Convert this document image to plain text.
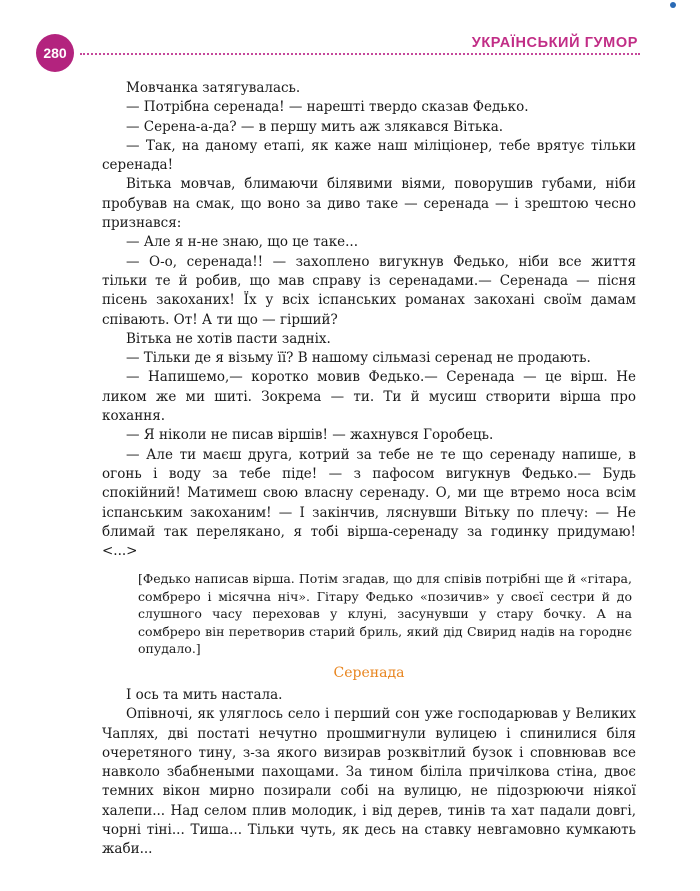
280
УКРАЇНСЬКИЙ ГУМОР

Мовчанка затягувалась.

— Потрібна серенада! — нарешті твердо сказав Федько.

— Серена-а-да? — в першу мить аж злякався Вітька.

— Так, на даному етапі, як каже наш міліціонер, тебе врятує тільки серенада!

Вітька мовчав, блимаючи білявими віями, поворушив губами, ніби пробував на смак, що воно за диво таке — серенада — і зрештою чесно признався:

— Але я н-не знаю, що це таке...

— О-о, серенада!! — захоплено вигукнув Федько, ніби все життя тільки те й робив, що мав справу із серенадами.— Серенада — пісня пісень закоханих! Їх у всіх іспанських романах закохані своїм дамам співають. От! А ти що — гірший?

Вітька не хотів пасти задніх.

— Тільки де я візьму її? В нашому сільмазі серенад не продають.

— Напишемо,— коротко мовив Федько.— Серенада — це вірш. Не ликом же ми шиті. Зокрема — ти. Ти й мусиш створити вірша про кохання.

— Я ніколи не писав віршів! — жахнувся Горобець.

— Але ти маєш друга, котрий за тебе не те що серенаду напише, в огонь і воду за тебе піде! — з пафосом вигукнув Федько.— Будь спокійний! Матимеш свою власну серенаду. О, ми ще втремо носа всім іспанським закоханим! — І закінчив, ляснувши Вітьку по плечу: — Не блимай так перелякано, я тобі вірша-серенаду за годинку придумаю! <...>

[Федько написав вірша. Потім згадав, що для співів потрібні ще й «гітара, сомбреро і місячна ніч». Гітару Федько «позичив» у своєї сестри й до слушного часу переховав у клуні, засунувши у стару бочку. А на сомбреро він перетворив старий бриль, який дід Свирид надів на городнє опудало.]
Серенада

І ось та мить настала.

Опівночі, як уляглось село і перший сон уже господарював у Великих Чаплях, дві постаті нечутно прошмигнули вулицею і спинилися біля очеретяного тину, з-за якого визирав розквітлий бузок і сповнював все навколо збабнеными пахощами. За тином біліла причілкова стіна, двоє темних вікон мирно позирали собі на вулицю, не підозрюючи ніякої халепи... Над селом плив молодик, і від дерев, тинів та хат падали довгі, чорні тіні... Тиша... Тільки чуть, як десь на ставку невгамовно кумкають жаби...
